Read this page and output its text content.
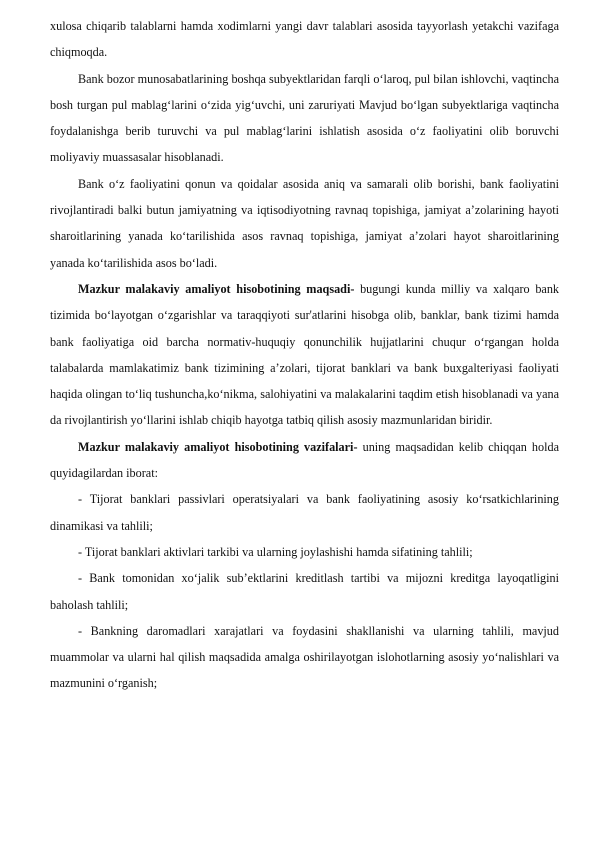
xulosa chiqarib talablarni hamda xodimlarni yangi davr talablari asosida tayyorlash yetakchi vazifaga chiqmoqda.

Bank bozor munosabatlarining boshqa subyektlaridan farqli o‘laroq, pul bilan ishlovchi, vaqtincha bosh turgan pul mablag‘larini o‘zida yig‘uvchi, uni zaruriyati Mavjud bo‘lgan subyektlariga vaqtincha foydalanishga berib turuvchi va pul mablag‘larini ishlatish asosida o‘z faoliyatini olib boruvchi moliyaviy muassasalar hisoblanadi.

Bank o‘z faoliyatini qonun va qoidalar asosida aniq va samarali olib borishi, bank faoliyatini rivojlantiradi balki butun jamiyatning va iqtisodiyotning ravnaq topishiga, jamiyat a’zolarining hayoti sharoitlarining yanada ko‘tarilishida asos ravnaq topishiga, jamiyat a’zolari hayot sharoitlarining yanada ko‘tarilishida asos bo‘ladi.

Mazkur malakaviy amaliyot hisobotining maqsadi- bugungi kunda milliy va xalqaro bank tizimida bo‘layotgan o‘zgarishlar va taraqqiyoti sur'atlarini hisobga olib, banklar, bank tizimi hamda bank faoliyatiga oid barcha normativ-huquqiy qonunchilik hujjatlarini chuqur o‘rgangan holda talabalarda mamlakatimiz bank tizimining a’zolari, tijorat banklari va bank buxgalteriyasi faoliyati haqida olingan to‘liq tushuncha,ko‘nikma, salohiyatini va malakalarini taqdim etish hisoblanadi va yana da rivojlantirish yo‘llarini ishlab chiqib hayotga tatbiq qilish asosiy mazmunlaridan biridir.

Mazkur malakaviy amaliyot hisobotining vazifalari- uning maqsadidan kelib chiqqan holda quyidagilardan iborat:

- Tijorat banklari passivlari operatsiyalari va bank faoliyatining asosiy ko‘rsatkichlarining dinamikasi va tahlili;

- Tijorat banklari aktivlari tarkibi va ularning joylashishi hamda sifatining tahlili;

- Bank tomonidan xo‘jalik sub’ektlarini kreditlash tartibi va mijozni kreditga layoqatligini baholash tahlili;

- Bankning daromadlari xarajatlari va foydasini shakllanishi va ularning tahlili, mavjud muammolar va ularni hal qilish maqsadida amalga oshirilayotgan islohotlarning asosiy yo‘nalishlari va mazmunini o‘rganish;
